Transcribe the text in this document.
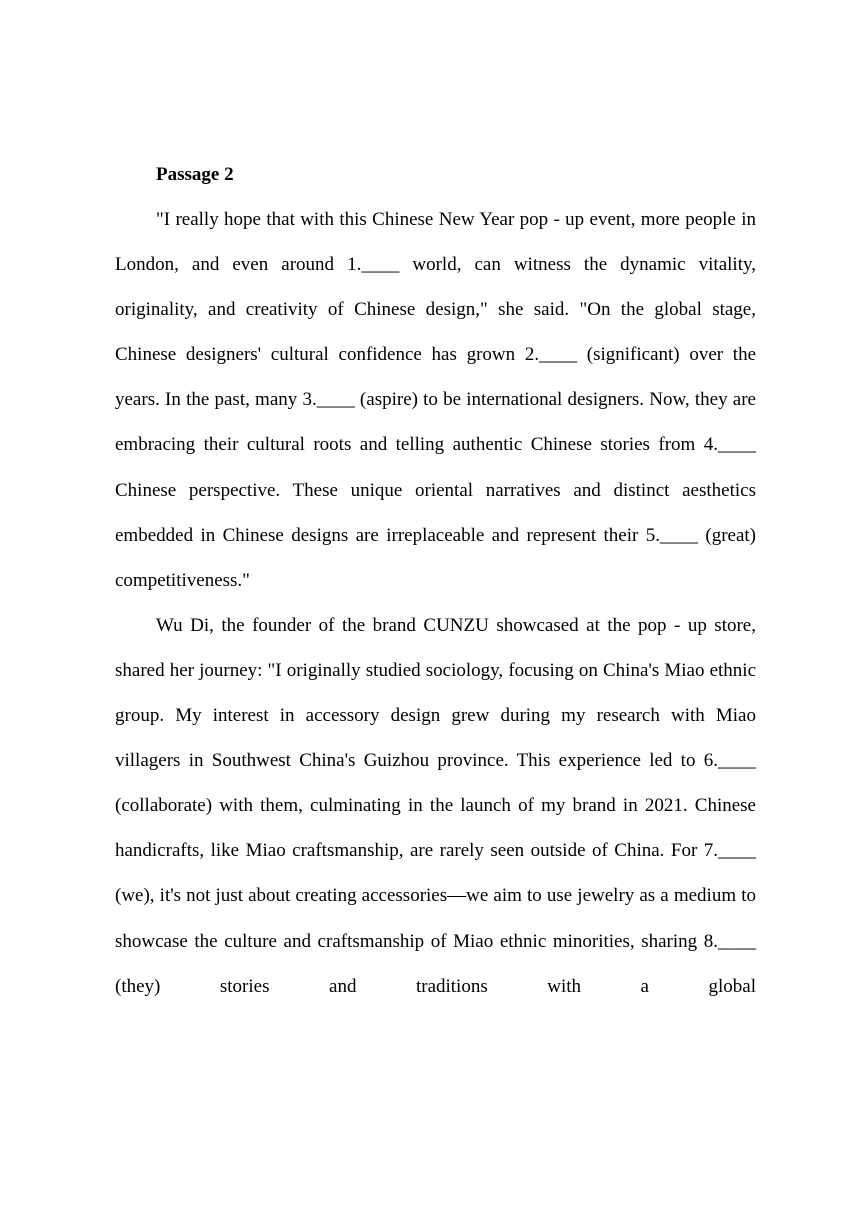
Passage 2

"I really hope that with this Chinese New Year pop - up event, more people in London, and even around 1.____ world, can witness the dynamic vitality, originality, and creativity of Chinese design," she said. "On the global stage, Chinese designers' cultural confidence has grown 2.____ (significant) over the years. In the past, many 3.____ (aspire) to be international designers. Now, they are embracing their cultural roots and telling authentic Chinese stories from 4.____ Chinese perspective. These unique oriental narratives and distinct aesthetics embedded in Chinese designs are irreplaceable and represent their 5.____ (great) competitiveness."

Wu Di, the founder of the brand CUNZU showcased at the pop - up store, shared her journey: "I originally studied sociology, focusing on China's Miao ethnic group. My interest in accessory design grew during my research with Miao villagers in Southwest China's Guizhou province. This experience led to 6.____ (collaborate) with them, culminating in the launch of my brand in 2021. Chinese handicrafts, like Miao craftsmanship, are rarely seen outside of China. For 7.____ (we), it's not just about creating accessories—we aim to use jewelry as a medium to showcase the culture and craftsmanship of Miao ethnic minorities, sharing 8.____ (they) stories and traditions with a global
